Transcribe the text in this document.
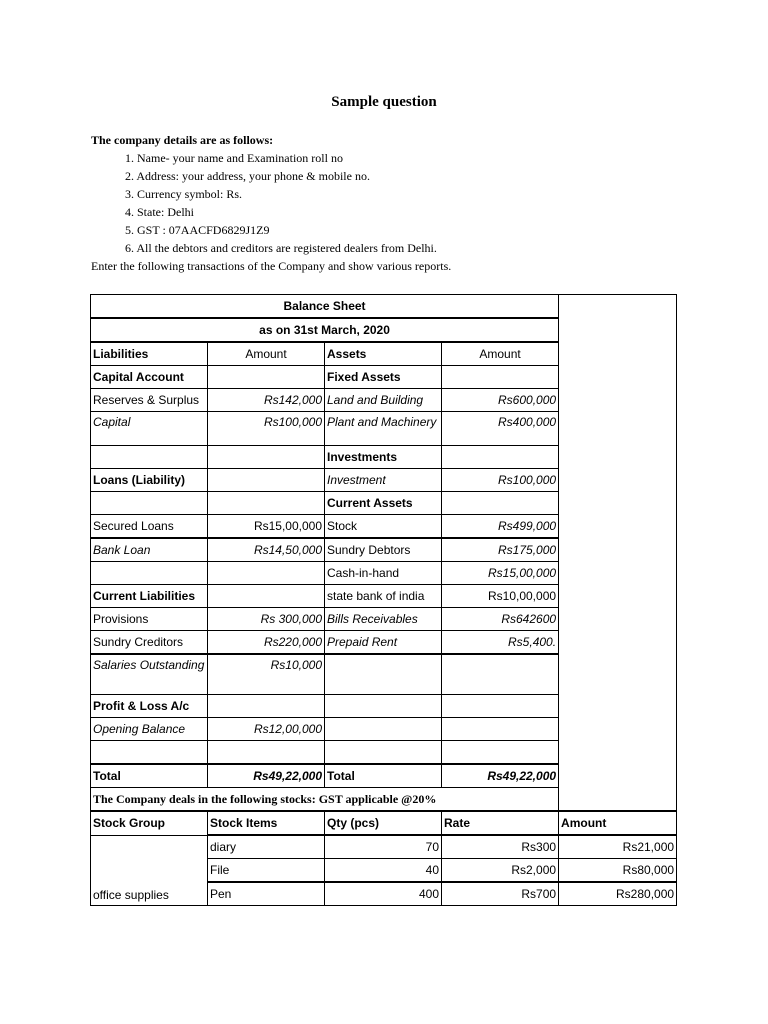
Sample question
The company details are as follows:
1. Name- your name and Examination roll no
2. Address: your address, your phone & mobile no.
3. Currency symbol: Rs.
4. State: Delhi
5. GST : 07AACFD6829J1Z9
6. All the debtors and creditors are registered dealers from Delhi.
Enter the following transactions of the Company and show various reports.
Balance Sheet				
as on 31st March, 2020				
Liabilities	Amount	Assets	Amount	
Capital Account		Fixed Assets		
Reserves & Surplus	Rs142,000	Land and Building	Rs600,000	
Capital	Rs100,000	Plant and Machinery	Rs400,000	
		Investments		
Loans (Liability)		Investment	Rs100,000	
		Current Assets		
Secured Loans	Rs15,00,000	Stock	Rs499,000	
Bank Loan	Rs14,50,000	Sundry Debtors	Rs175,000	
		Cash-in-hand	Rs15,00,000	
Current Liabilities		state bank of india	Rs10,00,000	
Provisions	Rs 300,000	Bills Receivables	Rs642600	
Sundry Creditors	Rs220,000	Prepaid Rent	Rs5,400.	
Salaries Outstanding	Rs10,000			
Profit & Loss A/c				
Opening Balance	Rs12,00,000			

Total	Rs49,22,000	Total	Rs49,22,000	
The Company deals in the following stocks: GST applicable @20%				
Stock Group	Stock Items	Qty (pcs)	Rate	Amount
office supplies	diary	70	Rs300	Rs21,000
	File	40	Rs2,000	Rs80,000
	Pen	400	Rs700	Rs280,000
